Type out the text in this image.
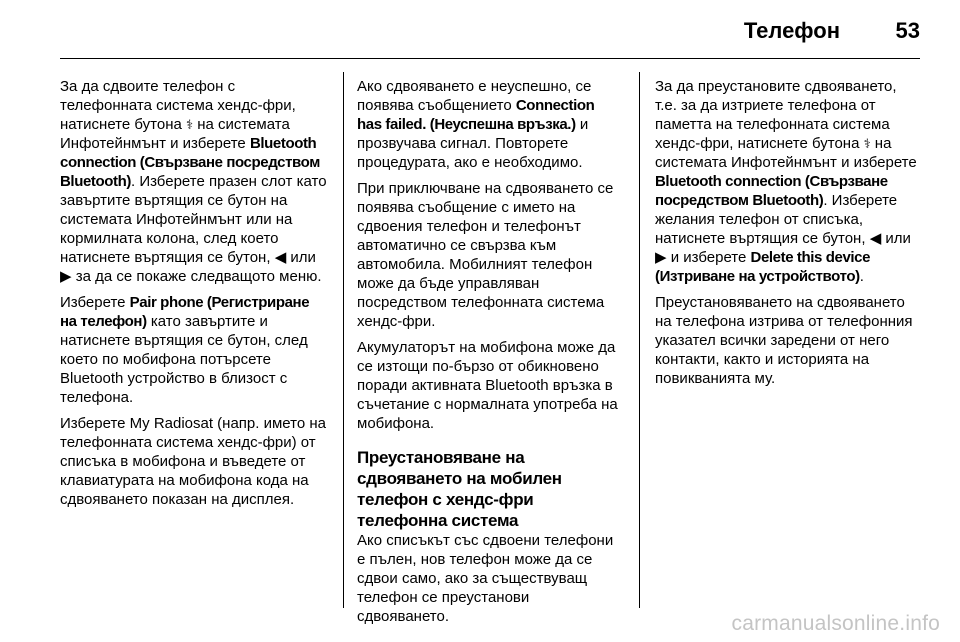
Телефон	53

За да сдвоите телефон с телефонната система хендс-фри, натиснете бутона ⚕ на системата Инфотейнмънт и изберете Bluetooth connection (Свързване посредством Bluetooth). Изберете празен слот като завъртите въртящия се бутон на системата Инфотейнмънт или на кормилната колона, след което натиснете въртящия се бутон, ◀ или ▶ за да се покаже следващото меню.

Изберете Pair phone (Регистриране на телефон) като завъртите и натиснете въртящия се бутон, след което по мобифона потърсете Bluetooth устройство в близост с телефона.

Изберете My Radiosat (напр. името на телефонната система хендс-фри) от списъка в мобифона и въведете от клавиатурата на мобифона кода на сдвояването показан на дисплея.

Ако сдвояването е неуспешно, се появява съобщението Connection has failed. (Неуспешна връзка.) и прозвучава сигнал. Повторете процедурата, ако е необходимо.

При приключване на сдвояването се появява съобщение с името на сдвоения телефон и телефонът автоматично се свързва към автомобила. Мобилният телефон може да бъде управляван посредством телефонната система хендс-фри.

Акумулаторът на мобифона може да се изтощи по-бързо от обикновено поради активната Bluetooth връзка в съчетание с нормалната употреба на мобифона.

Преустановяване на сдвояването на мобилен телефон с хендс-фри телефонна система

Ако списъкът със сдвоени телефони е пълен, нов телефон може да се сдвои само, ако за съществуващ телефон се преустанови сдвояването.

За да преустановите сдвояването, т.е. за да изтриете телефона от паметта на телефонната система хендс-фри, натиснете бутона ⚕ на системата Инфотейнмънт и изберете Bluetooth connection (Свързване посредством Bluetooth). Изберете желания телефон от списъка, натиснете въртящия се бутон, ◀ или ▶ и изберете Delete this device (Изтриване на устройството).

Преустановяването на сдвояването на телефона изтрива от телефонния указател всички заредени от него контакти, както и историята на повикванията му.

carmanualsonline.info
